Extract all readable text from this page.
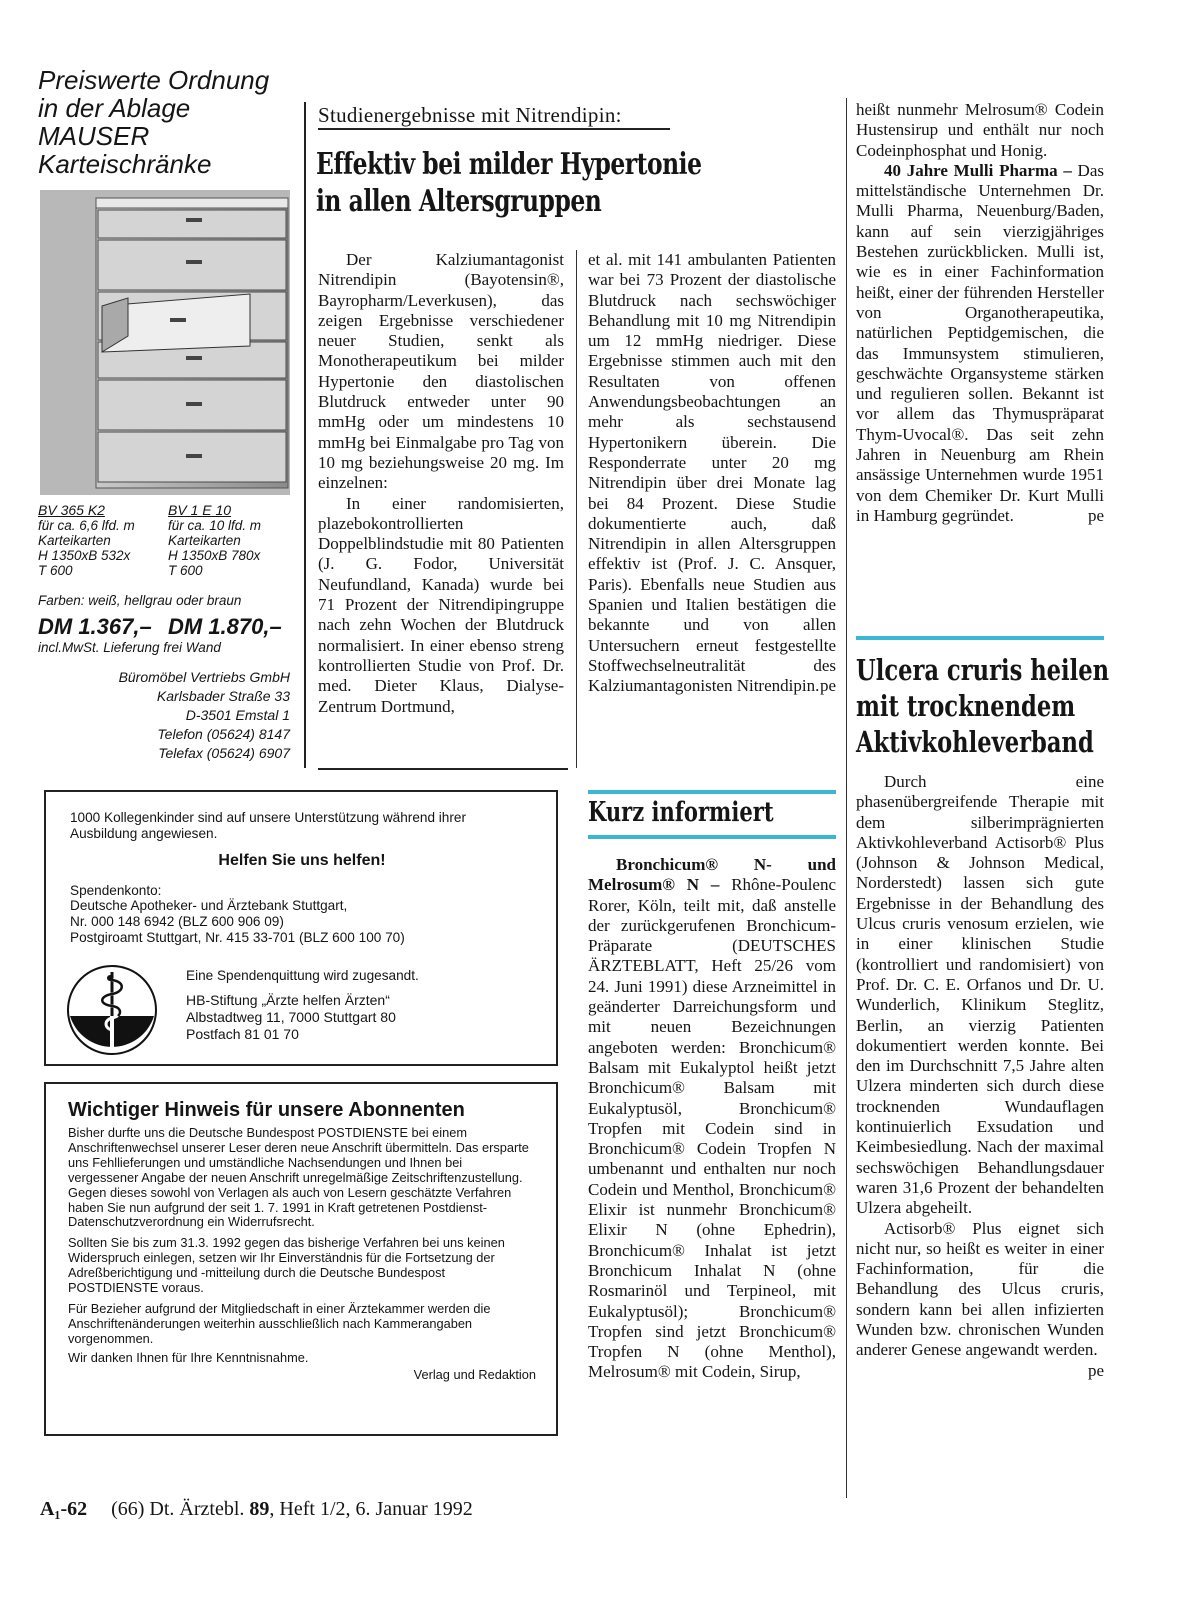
Preiswerte Ordnung
in der Ablage
MAUSER
Karteischränke
BV 365 K2
für ca. 6,6 lfd. m
Karteikarten
H 1350xB 532x
T 600
BV 1 E 10
für ca. 10 lfd. m
Karteikarten
H 1350xB 780x
T 600
Farben: weiß, hellgrau oder braun
DM 1.367,– DM 1.870,–
incl.MwSt. Lieferung frei Wand
Büromöbel Vertriebs GmbH
Karlsbader Straße 33
D-3501 Emstal 1
Telefon (05624) 8147
Telefax (05624) 6907
Studienergebnisse mit Nitrendipin:
Effektiv bei milder Hypertonie
in allen Altersgruppen

Der Kalziumantagonist Nitrendipin (Bayotensin®, Bayropharm/Leverkusen), das zeigen Ergebnisse verschiedener neuer Studien, senkt als Monotherapeutikum bei milder Hypertonie den diastolischen Blutdruck entweder unter 90 mmHg oder um mindestens 10 mmHg bei Einmalgabe pro Tag von 10 mg beziehungsweise 20 mg. Im einzelnen:

In einer randomisierten, plazebokontrollierten Doppelblindstudie mit 80 Patienten (J. G. Fodor, Universität Neufundland, Kanada) wurde bei 71 Prozent der Nitrendipingruppe nach zehn Wochen der Blutdruck normalisiert. In einer ebenso streng kontrollierten Studie von Prof. Dr. med. Dieter Klaus, Dialyse-Zentrum Dortmund,

et al. mit 141 ambulanten Patienten war bei 73 Prozent der diastolische Blutdruck nach sechswöchiger Behandlung mit 10 mg Nitrendipin um 12 mmHg niedriger. Diese Ergebnisse stimmen auch mit den Resultaten von offenen Anwendungsbeobachtungen an mehr als sechstausend Hypertonikern überein. Die Responderrate unter 20 mg Nitrendipin über drei Monate lag bei 84 Prozent. Diese Studie dokumentierte auch, daß Nitrendipin in allen Altersgruppen effektiv ist (Prof. J. C. Ansquer, Paris). Ebenfalls neue Studien aus Spanien und Italien bestätigen die bekannte und von allen Untersuchern erneut festgestellte Stoffwechselneutralität des Kalziumantagonisten Nitrendipin. pe

Kurz informiert

Bronchicum® N- und Melrosum® N – Rhône-Poulenc Rorer, Köln, teilt mit, daß anstelle der zurückgerufenen Bronchicum-Präparate (DEUTSCHES ÄRZTEBLATT, Heft 25/26 vom 24. Juni 1991) diese Arzneimittel in geänderter Darreichungsform und mit neuen Bezeichnungen angeboten werden: Bronchicum® Balsam mit Eukalyptol heißt jetzt Bronchicum® Balsam mit Eukalyptusöl, Bronchicum® Tropfen mit Codein sind in Bronchicum® Codein Tropfen N umbenannt und enthalten nur noch Codein und Menthol, Bronchicum® Elixir ist nunmehr Bronchicum® Elixir N (ohne Ephedrin), Bronchicum® Inhalat ist jetzt Bronchicum Inhalat N (ohne Rosmarinöl und Terpineol, mit Eukalyptusöl); Bronchicum® Tropfen sind jetzt Bronchicum® Tropfen N (ohne Menthol), Melrosum® mit Codein, Sirup,

heißt nunmehr Melrosum® Codein Hustensirup und enthält nur noch Codeinphosphat und Honig.

40 Jahre Mulli Pharma – Das mittelständische Unternehmen Dr. Mulli Pharma, Neuenburg/Baden, kann auf sein vierzigjähriges Bestehen zurückblicken. Mulli ist, wie es in einer Fachinformation heißt, einer der führenden Hersteller von Organotherapeutika, natürlichen Peptidgemischen, die das Immunsystem stimulieren, geschwächte Organsysteme stärken und regulieren sollen. Bekannt ist vor allem das Thymuspräparat Thym-Uvocal®. Das seit zehn Jahren in Neuenburg am Rhein ansässige Unternehmen wurde 1951 von dem Chemiker Dr. Kurt Mulli in Hamburg gegründet.	pe

Ulcera cruris heilen
mit trocknendem
Aktivkohleverband

Durch eine phasenübergreifende Therapie mit dem silberimprägnierten Aktivkohleverband Actisorb® Plus (Johnson & Johnson Medical, Norderstedt) lassen sich gute Ergebnisse in der Behandlung des Ulcus cruris venosum erzielen, wie in einer klinischen Studie (kontrolliert und randomisiert) von Prof. Dr. C. E. Orfanos und Dr. U. Wunderlich, Klinikum Steglitz, Berlin, an vierzig Patienten dokumentiert werden konnte. Bei den im Durchschnitt 7,5 Jahre alten Ulzera minderten sich durch diese trocknenden Wundauflagen kontinuierlich Exsudation und Keimbesiedlung. Nach der maximal sechswöchigen Behandlungsdauer waren 31,6 Prozent der behandelten Ulzera abgeheilt.

Actisorb® Plus eignet sich nicht nur, so heißt es weiter in einer Fachinformation, für die Behandlung des Ulcus cruris, sondern kann bei allen infizierten Wunden bzw. chronischen Wunden anderer Genese angewandt werden.
pe

1000 Kollegenkinder sind auf unsere Unterstützung während ihrer Ausbildung angewiesen.
Helfen Sie uns helfen!
Spendenkonto:
Deutsche Apotheker- und Ärztebank Stuttgart,
Nr. 000 148 6942 (BLZ 600 906 09)
Postgiroamt Stuttgart, Nr. 415 33-701 (BLZ 600 100 70)
Eine Spendenquittung wird zugesandt.
HB-Stiftung „Ärzte helfen Ärzten“
Albstadtweg 11, 7000 Stuttgart 80
Postfach 81 01 70
Wichtiger Hinweis für unsere Abonnenten

Bisher durfte uns die Deutsche Bundespost POSTDIENSTE bei einem Anschriftenwechsel unserer Leser deren neue Anschrift übermitteln. Das ersparte uns Fehllieferungen und umständliche Nachsendungen und Ihnen bei vergessener Angabe der neuen Anschrift unregelmäßige Zeitschriftenzustellung. Gegen dieses sowohl von Verlagen als auch von Lesern geschätzte Verfahren haben Sie nun aufgrund der seit 1. 7. 1991 in Kraft getretenen Postdienst-Datenschutzverordnung ein Widerrufsrecht.

Sollten Sie bis zum 31.3. 1992 gegen das bisherige Verfahren bei uns keinen Widerspruch einlegen, setzen wir Ihr Einverständnis für die Fortsetzung der Adreßberichtigung und -mitteilung durch die Deutsche Bundespost POSTDIENSTE voraus.

Für Bezieher aufgrund der Mitgliedschaft in einer Ärztekammer werden die Anschriftenänderungen weiterhin ausschließlich nach Kammerangaben vorgenommen.

Wir danken Ihnen für Ihre Kenntnisnahme.

Verlag und Redaktion
A₁-62 (66) Dt. Ärztebl. 89, Heft 1/2, 6. Januar 1992
